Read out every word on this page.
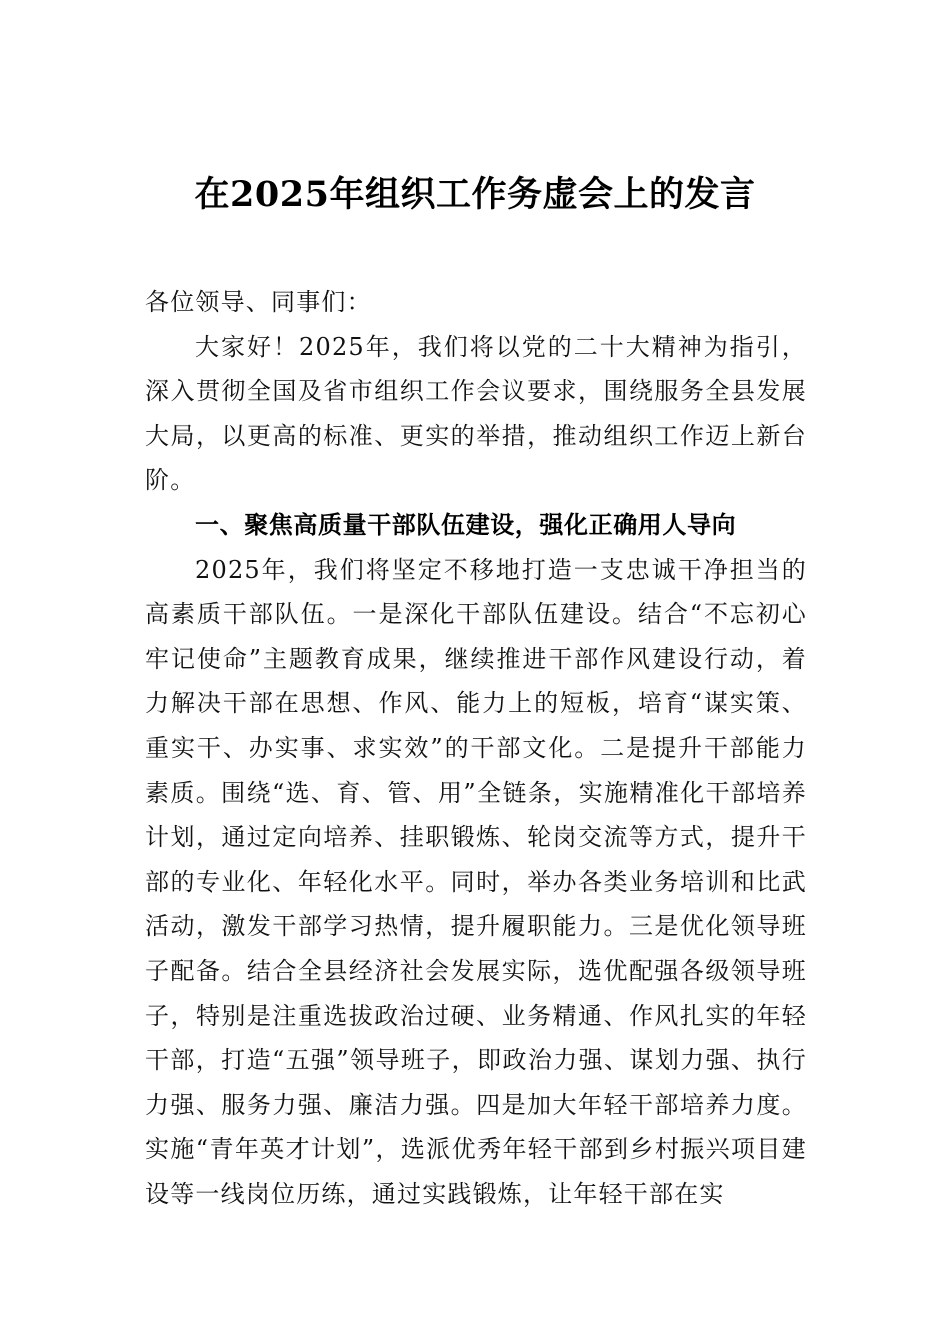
在2025年组织工作务虚会上的发言

各位领导、同事们：

大家好！2025年，我们将以党的二十大精神为指引，深入贯彻全国及省市组织工作会议要求，围绕服务全县发展大局，以更高的标准、更实的举措，推动组织工作迈上新台阶。

一、聚焦高质量干部队伍建设，强化正确用人导向

2025年，我们将坚定不移地打造一支忠诚干净担当的高素质干部队伍。一是深化干部队伍建设。结合“不忘初心牢记使命”主题教育成果，继续推进干部作风建设行动，着力解决干部在思想、作风、能力上的短板，培育“谋实策、重实干、办实事、求实效”的干部文化。二是提升干部能力素质。围绕“选、育、管、用”全链条，实施精准化干部培养计划，通过定向培养、挂职锻炼、轮岗交流等方式，提升干部的专业化、年轻化水平。同时，举办各类业务培训和比武活动，激发干部学习热情，提升履职能力。三是优化领导班子配备。结合全县经济社会发展实际，选优配强各级领导班子，特别是注重选拔政治过硬、业务精通、作风扎实的年轻干部，打造“五强”领导班子，即政治力强、谋划力强、执行力强、服务力强、廉洁力强。四是加大年轻干部培养力度。实施“青年英才计划”，选派优秀年轻干部到乡村振兴项目建设等一线岗位历练，通过实践锻炼，让年轻干部在实
